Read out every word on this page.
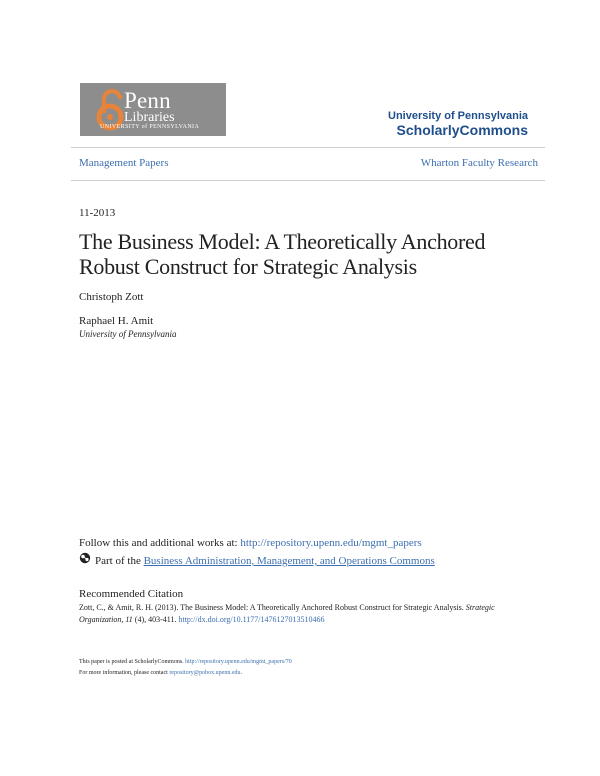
Penn
Libraries
UNIVERSITY of PENNSYLVANIA
University of Pennsylvania
ScholarlyCommons
Management Papers	Wharton Faculty Research
11-2013
The Business Model: A Theoretically Anchored Robust Construct for Strategic Analysis
Christoph Zott
Raphael H. Amit
University of Pennsylvania
Follow this and additional works at: http://repository.upenn.edu/mgmt_papers
Part of the Business Administration, Management, and Operations Commons
Recommended Citation
Zott, C., & Amit, R. H. (2013). The Business Model: A Theoretically Anchored Robust Construct for Strategic Analysis. Strategic Organization, 11 (4), 403-411. http://dx.doi.org/10.1177/1476127013510466
This paper is posted at ScholarlyCommons. http://repository.upenn.edu/mgmt_papers/70
For more information, please contact repository@pobox.upenn.edu.
